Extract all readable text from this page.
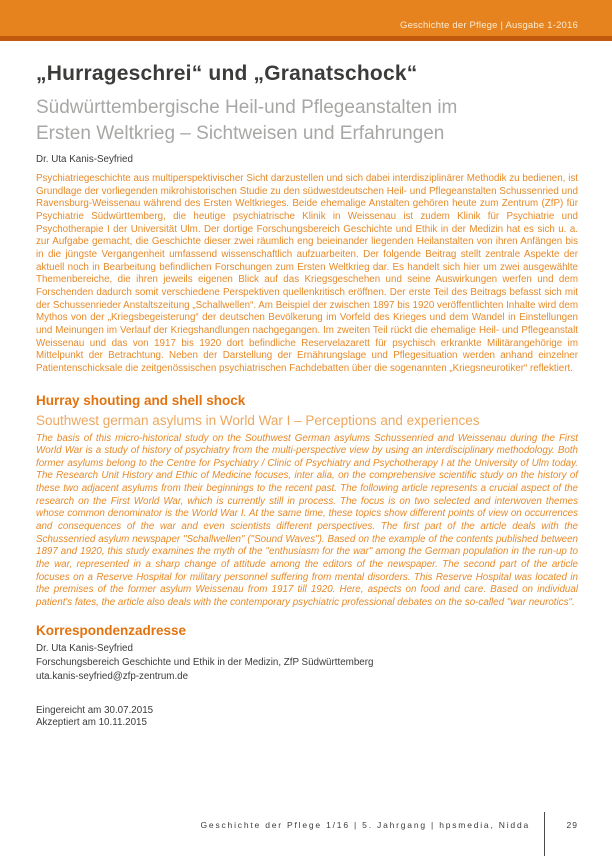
Geschichte der Pflege | Ausgabe 1-2016
„Hurrageschrei“ und „Granatschock“
Südwürttembergische Heil-und Pflegeanstalten im
Ersten Weltkrieg – Sichtweisen und Erfahrungen

Dr. Uta Kanis-Seyfried

Psychiatriegeschichte aus multiperspektivischer Sicht darzustellen und sich dabei interdisziplinärer Methodik zu bedienen, ist Grundlage der vorliegenden mikrohistorischen Studie zu den südwestdeutschen Heil- und Pflegeanstalten Schussenried und Ravensburg-Weissenau während des Ersten Weltkrieges. Beide ehemalige Anstalten gehören heute zum Zentrum (ZfP) für Psychiatrie Südwürttemberg, die heutige psychiatrische Klinik in Weissenau ist zudem Klinik für Psychiatrie und Psychotherapie I der Universität Ulm. Der dortige Forschungsbereich Geschichte und Ethik in der Medizin hat es sich u. a. zur Aufgabe gemacht, die Geschichte dieser zwei räumlich eng beieinander liegenden Heilanstalten von ihren Anfängen bis in die jüngste Vergangenheit umfassend wissenschaftlich aufzuarbeiten. Der folgende Beitrag stellt zentrale Aspekte der aktuell noch in Bearbeitung befindlichen Forschungen zum Ersten Weltkrieg dar. Es handelt sich hier um zwei ausgewählte Themenbereiche, die ihren jeweils eigenen Blick auf das Kriegsgeschehen und seine Auswirkungen werfen und dem Forschenden dadurch somit verschiedene Perspektiven quellenkritisch eröffnen. Der erste Teil des Beitrags befasst sich mit der Schussenrieder Anstaltszeitung „Schallwellen“. Am Beispiel der zwischen 1897 bis 1920 veröffentlichten Inhalte wird dem Mythos von der „Kriegsbegeisterung“ der deutschen Bevölkerung im Vorfeld des Krieges und dem Wandel in Einstellungen und Meinungen im Verlauf der Kriegshandlungen nachgegangen. Im zweiten Teil rückt die ehemalige Heil- und Pflegeanstalt Weissenau und das von 1917 bis 1920 dort befindliche Reservelazarett für psychisch erkrankte Militärangehörige im Mittelpunkt der Betrachtung. Neben der Darstellung der Ernährungslage und Pflegesituation werden anhand einzelner Patientenschicksale die zeitgenössischen psychiatrischen Fachdebatten über die sogenannten „Kriegsneurotiker“ reflektiert.

Hurray shouting and shell shock
Southwest german asylums in World War I – Perceptions and experiences

The basis of this micro-historical study on the Southwest German asylums Schussenried and Weissenau during the First World War is a study of history of psychiatry from the multi-perspective view by using an interdisciplinary methodology. Both former asylums belong to the Centre for Psychiatry / Clinic of Psychiatry and Psychotherapy I at the University of Ulm today. The Research Unit History and Ethic of Medicine focuses, inter alia, on the comprehensive scientific study on the history of these two adjacent asylums from their beginnings to the recent past. The following article represents a crucial aspect of the research on the First World War, which is currently still in process. The focus is on two selected and interwoven themes whose common denominator is the World War I. At the same time, these topics show different points of view on occurrences and consequences of the war and even scientists different perspectives. The first part of the article deals with the Schussenried asylum newspaper "Schallwellen" ("Sound Waves"). Based on the example of the contents published between 1897 and 1920, this study examines the myth of the "enthusiasm for the war" among the German population in the run-up to the war, represented in a sharp change of attitude among the editors of the newspaper. The second part of the article focuses on a Reserve Hospital for military personnel suffering from mental disorders. This Reserve Hospital was located in the premises of the former asylum Weissenau from 1917 till 1920. Here, aspects on food and care. Based on individual patient's fates, the article also deals with the contemporary psychiatric professional debates on the so-called "war neurotics".

Korrespondenzadresse

Dr. Uta Kanis-Seyfried

Forschungsbereich Geschichte und Ethik in der Medizin, ZfP Südwürttemberg

uta.kanis-seyfried@zfp-zentrum.de

Eingereicht am 30.07.2015

Akzeptiert am 10.11.2015

Geschichte der Pflege 1/16 | 5. Jahrgang | hpsmedia, Nidda	29
